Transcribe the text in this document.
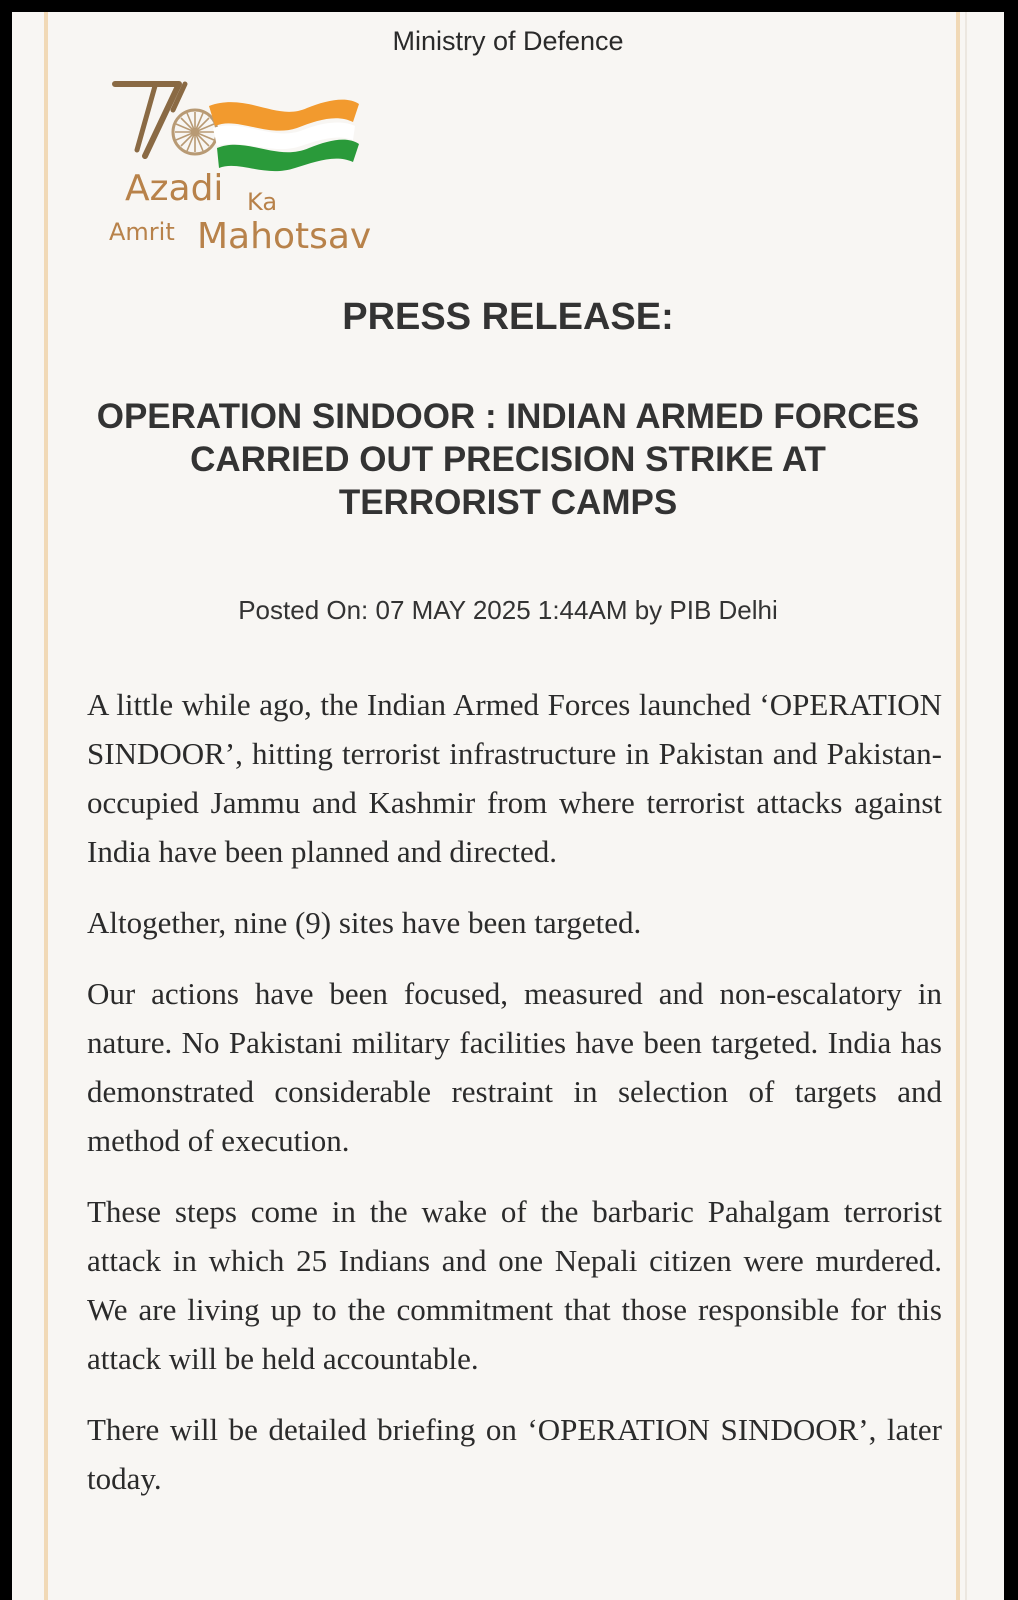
Ministry of Defence
Azadi Ka
Amrit Mahotsav
PRESS RELEASE:
OPERATION SINDOOR : INDIAN ARMED FORCES CARRIED OUT PRECISION STRIKE AT TERRORIST CAMPS
Posted On: 07 MAY 2025 1:44AM by PIB Delhi

A little while ago, the Indian Armed Forces launched ‘OPERATION SINDOOR’, hitting terrorist infrastructure in Pakistan and Pakistan-occupied Jammu and Kashmir from where terrorist attacks against India have been planned and directed.

Altogether, nine (9) sites have been targeted.

Our actions have been focused, measured and non-escalatory in nature. No Pakistani military facilities have been targeted. India has demonstrated considerable restraint in selection of targets and method of execution.

These steps come in the wake of the barbaric Pahalgam terrorist attack in which 25 Indians and one Nepali citizen were murdered. We are living up to the commitment that those responsible for this attack will be held accountable.

There will be detailed briefing on ‘OPERATION SINDOOR’, later today.
